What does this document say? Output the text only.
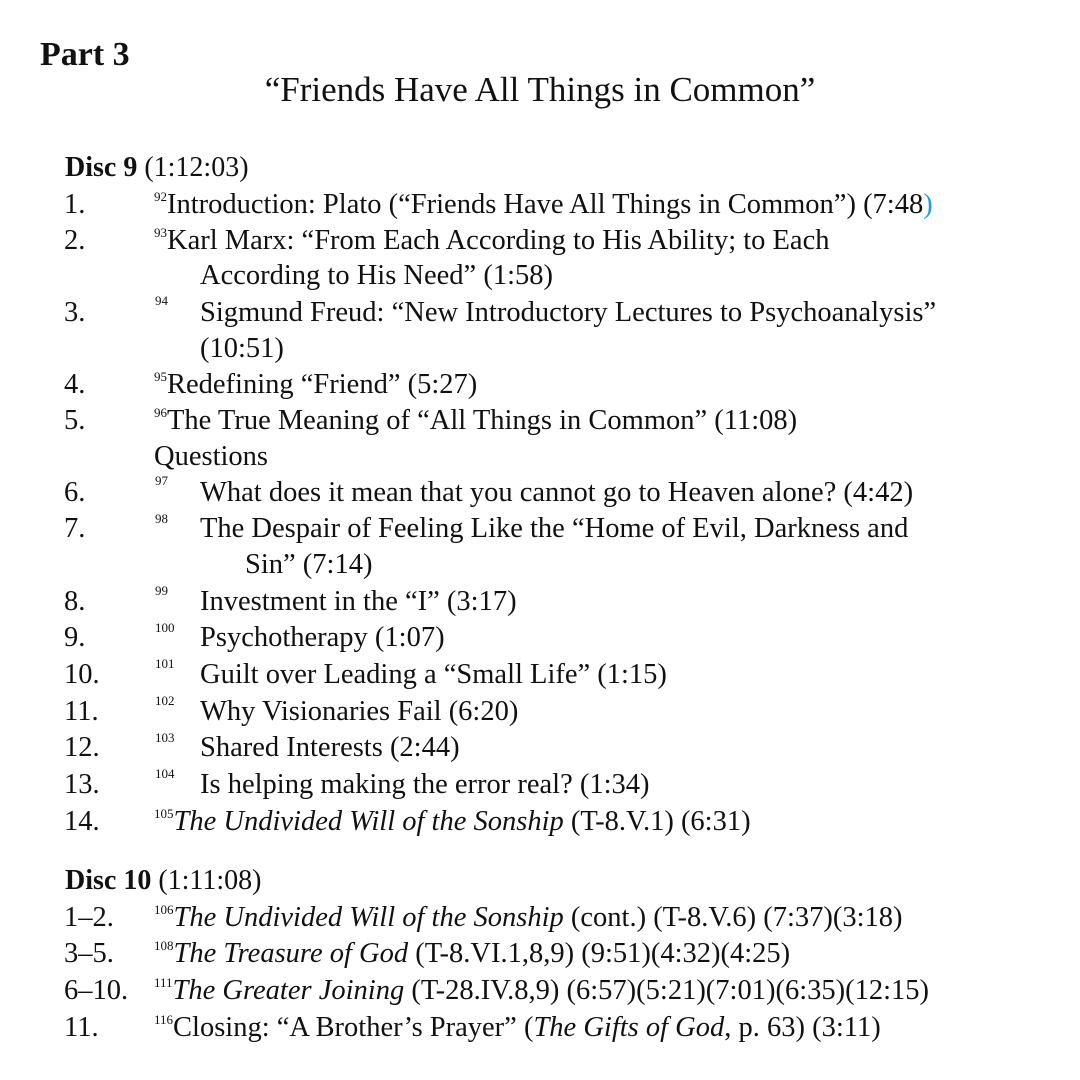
Part 3
“Friends Have All Things in Common”
Disc 9 (1:12:03)
1.	$^{92}$Introduction: Plato (“Friends Have All Things in Common”) (7:48)
2.	$^{93}$Karl Marx: “From Each According to His Ability; to Each
According to His Need” (1:58)
3.	94 Sigmund Freud: “New Introductory Lectures to Psychoanalysis”
(10:51)
4.	$^{95}$Redefining “Friend” (5:27)
5.	$^{96}$The True Meaning of “All Things in Common” (11:08)
Questions
6.	97 What does it mean that you cannot go to Heaven alone? (4:42)
7.	98 The Despair of Feeling Like the “Home of Evil, Darkness and
Sin” (7:14)
8.	99 Investment in the “I” (3:17)
9.	100 Psychotherapy (1:07)
10.	101 Guilt over Leading a “Small Life” (1:15)
11.	102 Why Visionaries Fail (6:20)
12.	103 Shared Interests (2:44)
13.	104 Is helping making the error real? (1:34)
14.	$^{105}$The Undivided Will of the Sonship (T-8.V.1) (6:31)
Disc 10 (1:11:08)
1–2.	$^{106}$The Undivided Will of the Sonship (cont.) (T-8.V.6) (7:37)(3:18)
3–5.	$^{108}$The Treasure of God (T-8.VI.1,8,9) (9:51)(4:32)(4:25)
6–10. $^{111}$The Greater Joining (T-28.IV.8,9) (6:57)(5:21)(7:01)(6:35)(12:15)
11.	$^{116}$Closing: “A Brother’s Prayer” (The Gifts of God, p. 63) (3:11)
